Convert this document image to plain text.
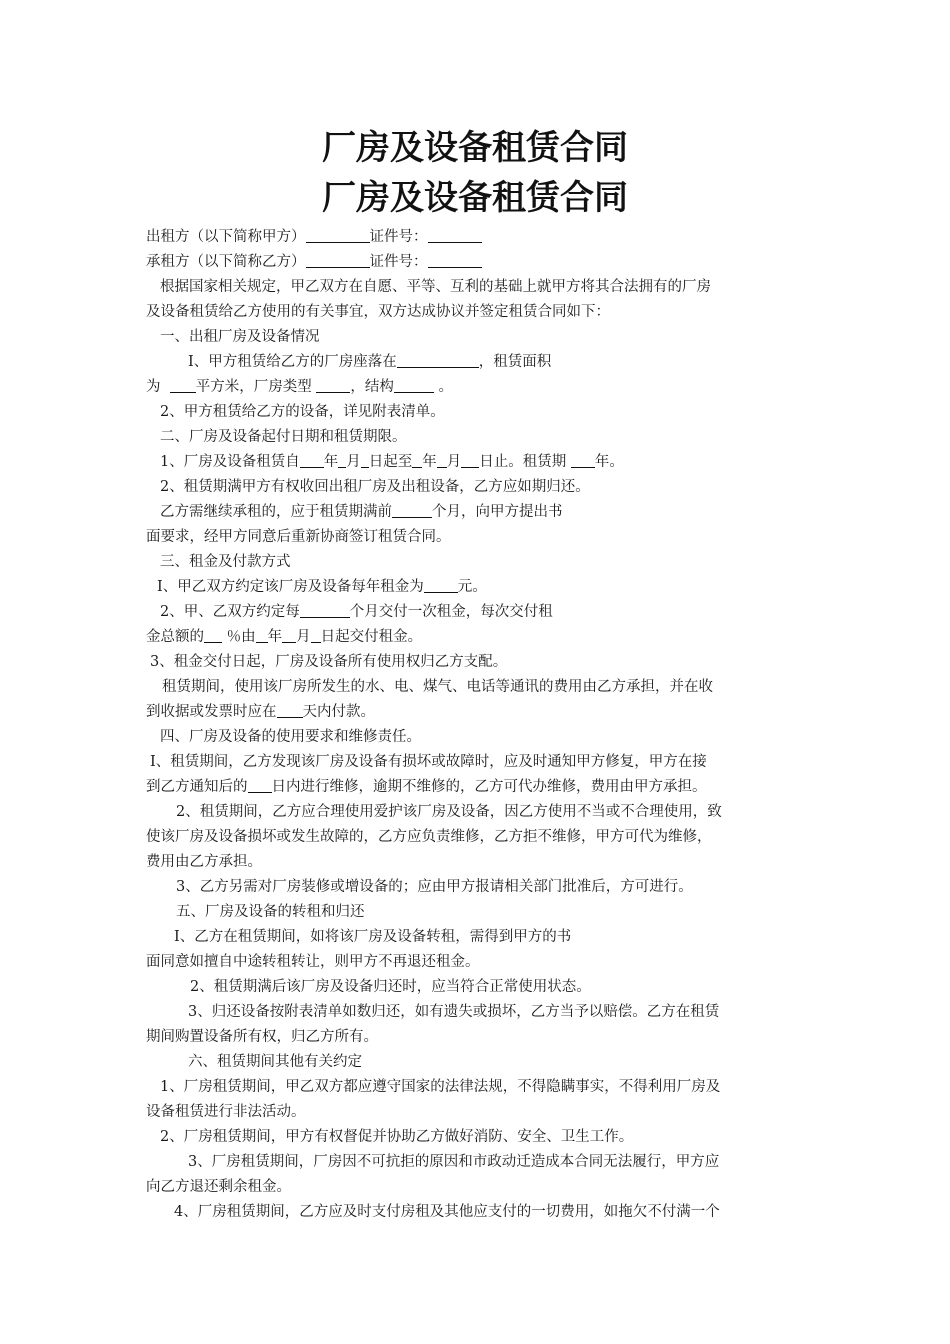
厂房及设备租赁合同
厂房及设备租赁合同
出租方（以下简称甲方）	证件号：
承租方（以下简称乙方）	证件号：
根据国家相关规定，甲乙双方在自愿、平等、互利的基础上就甲方将其合法拥有的厂房
及设备租赁给乙方使用的有关事宜，双方达成协议并签定租赁合同如下：
一、出租厂房及设备情况
I、甲方租赁给乙方的厂房座落在	，租赁面积
为 平方米，厂房类型	，结构	。
2、甲方租赁给乙方的设备，详见附表清单。
二、厂房及设备起付日期和租赁期限。
1、厂房及设备租赁自 年 月 日起至 年 月 日止。租赁期 年。
2、租赁期满甲方有权收回出租厂房及出租设备，乙方应如期归还。
乙方需继续承租的，应于租赁期满前	个月，向甲方提出书
面要求，经甲方同意后重新协商签订租赁合同。
三、租金及付款方式
I、甲乙双方约定该厂房及设备每年租金为 元。
2、甲、乙双方约定每	个月交付一次租金，每次交付租
金总额的 ％由 年 月 日起交付租金。
3、租金交付日起，厂房及设备所有使用权归乙方支配。
租赁期间，使用该厂房所发生的水、电、煤气、电话等通讯的费用由乙方承担，并在收
到收据或发票时应在 天内付款。
四、厂房及设备的使用要求和维修责任。
I、租赁期间，乙方发现该厂房及设备有损坏或故障时，应及时通知甲方修复，甲方在接
到乙方通知后的 日内进行维修，逾期不维修的，乙方可代办维修，费用由甲方承担。
2、租赁期间，乙方应合理使用爱护该厂房及设备，因乙方使用不当或不合理使用，致
使该厂房及设备损坏或发生故障的，乙方应负责维修，乙方拒不维修，甲方可代为维修，
费用由乙方承担。
3、乙方另需对厂房装修或增设备的；应由甲方报请相关部门批准后，方可进行。
五、厂房及设备的转租和归还
I、乙方在租赁期间，如将该厂房及设备转租，需得到甲方的书
面同意如擅自中途转租转让，则甲方不再退还租金。
2、租赁期满后该厂房及设备归还时，应当符合正常使用状态。
3、归还设备按附表清单如数归还，如有遗失或损坏，乙方当予以赔偿。乙方在租赁
期间购置设备所有权，归乙方所有。
六、租赁期间其他有关约定
1、厂房租赁期间，甲乙双方都应遵守国家的法律法规，不得隐瞒事实，不得利用厂房及
设备租赁进行非法活动。
2、厂房租赁期间，甲方有权督促并协助乙方做好消防、安全、卫生工作。
3、厂房租赁期间，厂房因不可抗拒的原因和市政动迁造成本合同无法履行，甲方应
向乙方退还剩余租金。
4、厂房租赁期间，乙方应及时支付房租及其他应支付的一切费用，如拖欠不付满一个
